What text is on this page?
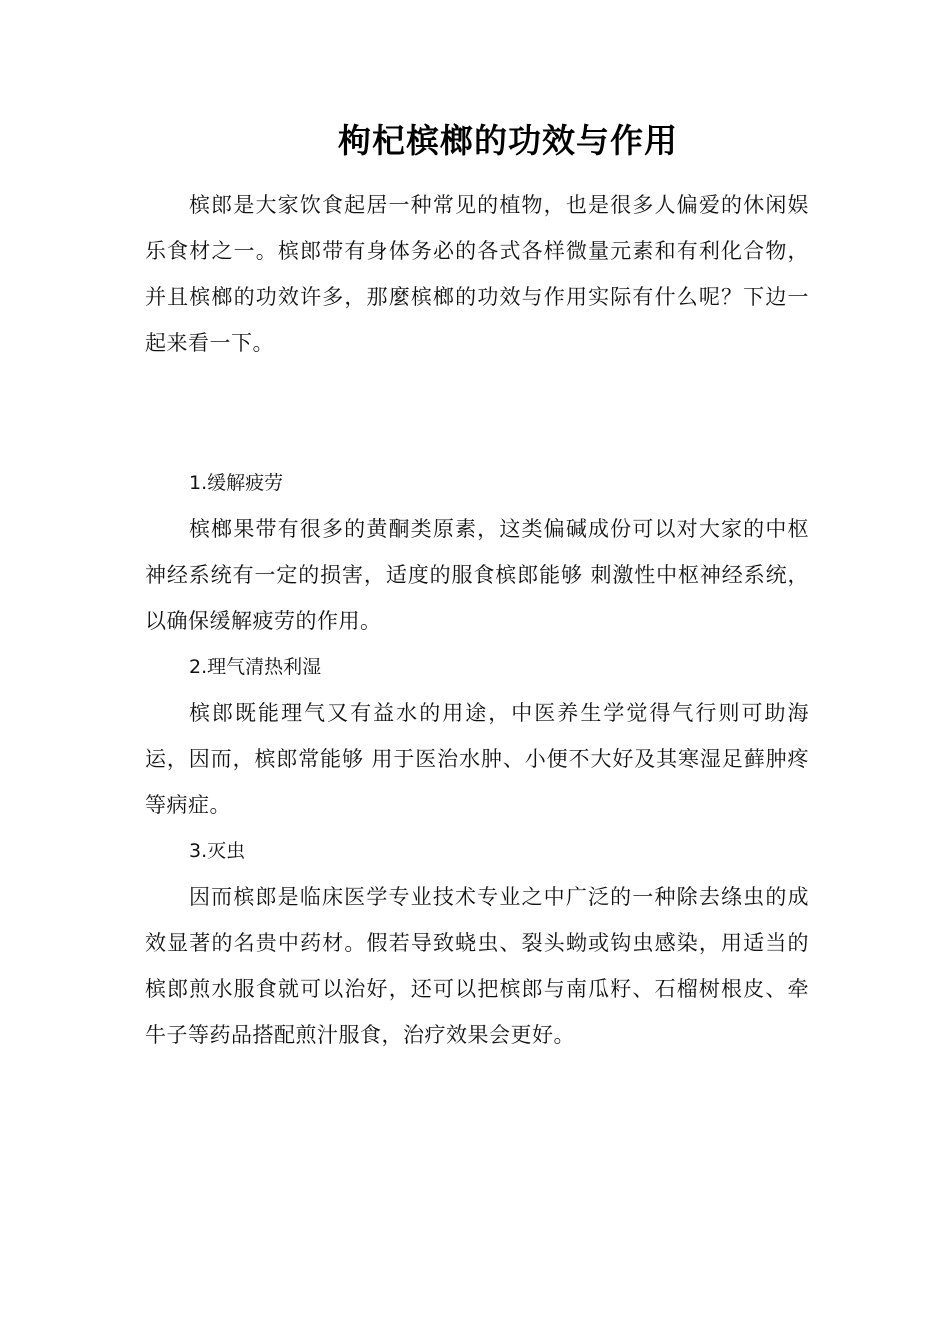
枸杞槟榔的功效与作用

槟郎是大家饮食起居一种常见的植物，也是很多人偏爱的休闲娱乐食材之一。槟郎带有身体务必的各式各样微量元素和有利化合物，并且槟榔的功效许多，那麼槟榔的功效与作用实际有什么呢？下边一起来看一下。

1.缓解疲劳

槟榔果带有很多的黄酮类原素，这类偏碱成份可以对大家的中枢神经系统有一定的损害，适度的服食槟郎能够 刺激性中枢神经系统，以确保缓解疲劳的作用。

2.理气清热利湿

槟郎既能理气又有益水的用途，中医养生学觉得气行则可助海运，因而，槟郎常能够 用于医治水肿、小便不大好及其寒湿足藓肿疼等病症。

3.灭虫

因而槟郎是临床医学专业技术专业之中广泛的一种除去绦虫的成效显著的名贵中药材。假若导致蛲虫、裂头蚴或钩虫感染，用适当的槟郎煎水服食就可以治好，还可以把槟郎与南瓜籽、石榴树根皮、牵牛子等药品搭配煎汁服食，治疗效果会更好。
